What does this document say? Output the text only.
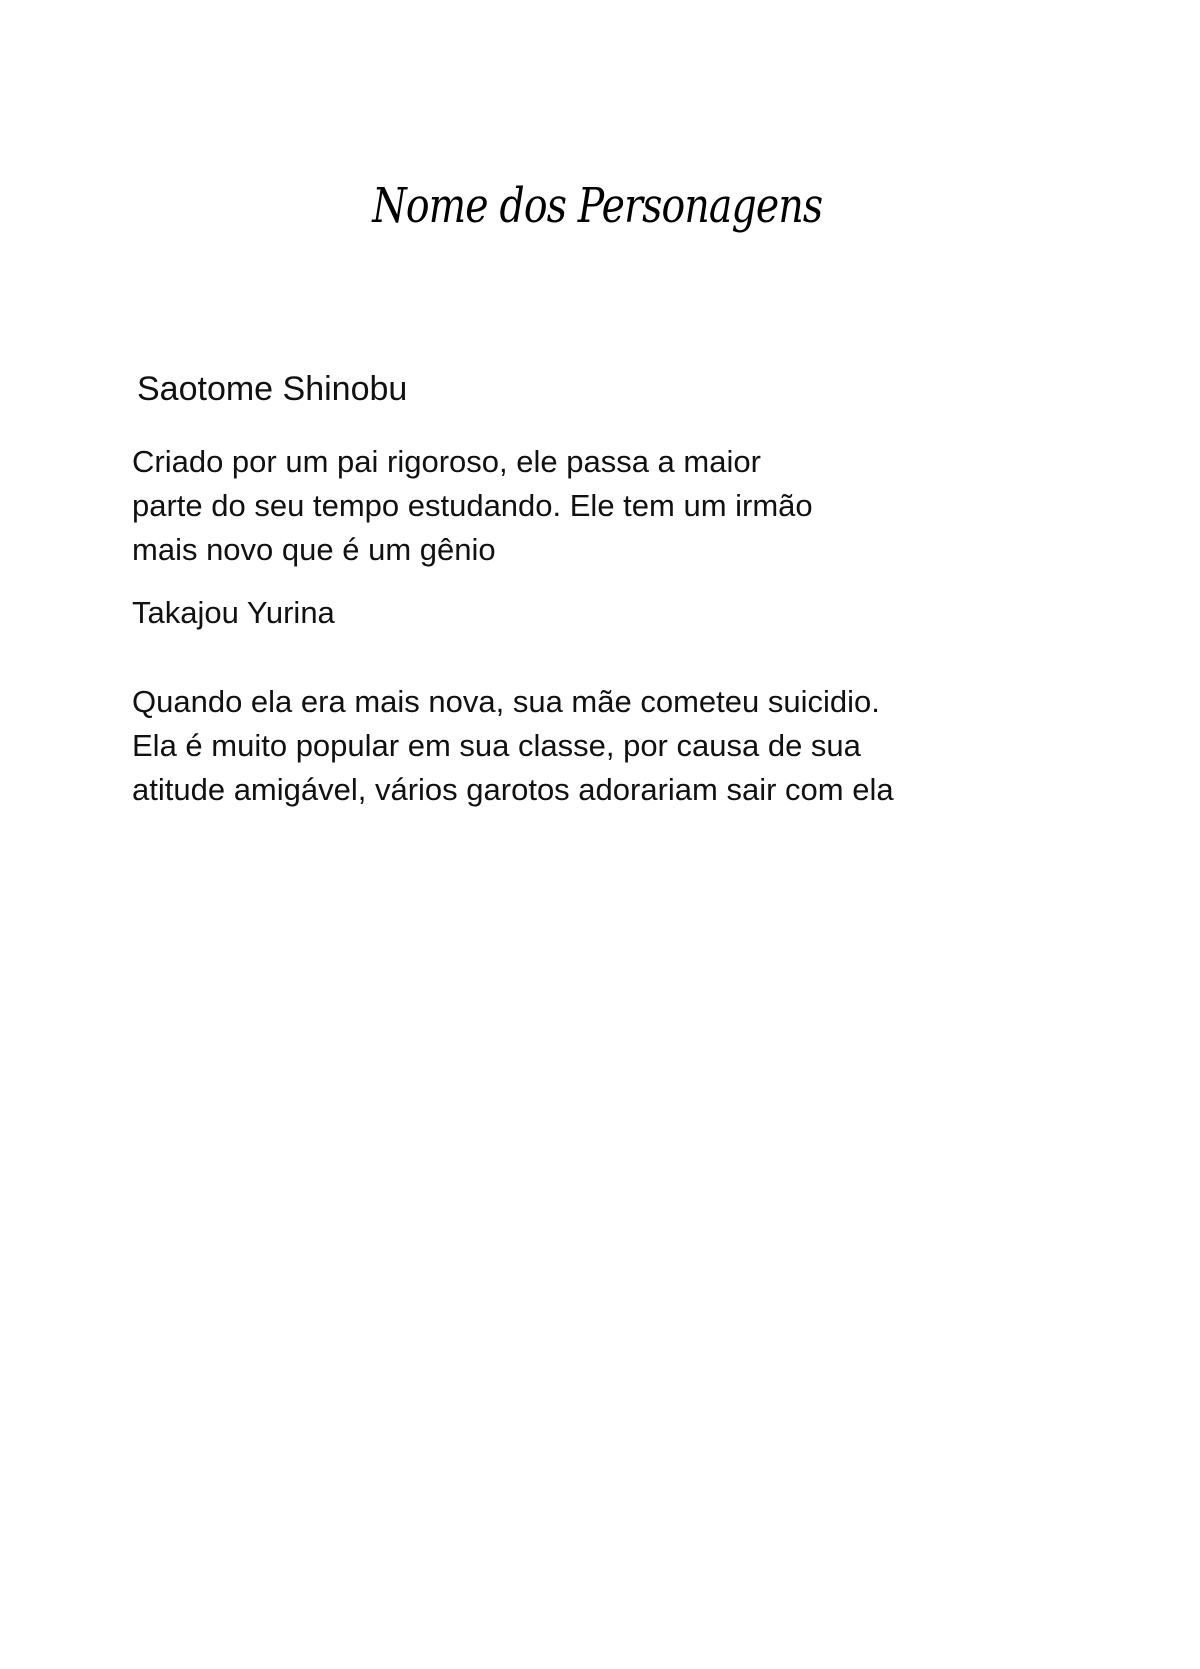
Nome dos Personagens
Saotome Shinobu
Criado por um pai rigoroso, ele passa a maior
parte do seu tempo estudando. Ele tem um irmão
mais novo que é um gênio
Takajou Yurina
Quando ela era mais nova, sua mãe cometeu suicidio.
Ela é muito popular em sua classe, por causa de sua
atitude amigável, vários garotos adorariam sair com ela
